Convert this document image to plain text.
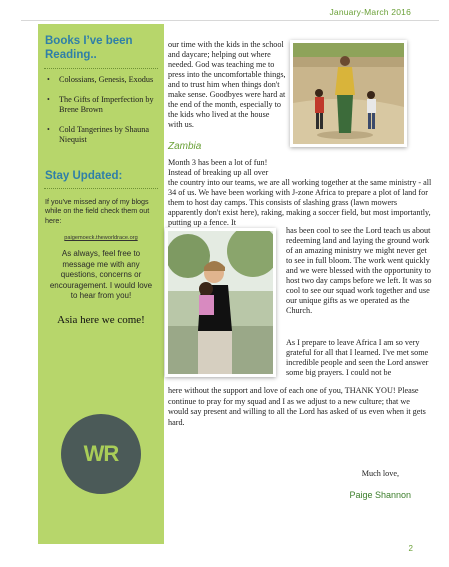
January-March 2016
Books I’ve been Reading..
• Colossians, Genesis, Exodus
• The Gifts of Imperfection by Brene Brown
• Cold Tangerines by Shauna Niequist
Stay Updated:
If you've missed any of my blogs while on the field check them out here:
paigemoeck.theworldrace.org
As always, feel free to message me with any questions, concerns or encouragement. I would love to hear from you!
Asia here we come!
WR
our time with the kids in the school and daycare; helping out where needed. God was teaching me to press into the uncomfortable things, and to trust him when things don't make sense. Goodbyes were hard at the end of the month, especially to the kids who lived at the house with us.
Zambia
Month 3 has been a lot of fun! Instead of breaking up all over
the country into our teams, we are all working together at the same ministry - all 34 of us. We have been working with J-zone Africa to prepare a plot of land for them to host day camps. This consists of slashing grass (lawn mowers apparently don't exist here), raking, making a soccer field, but most importantly, putting up a fence. It
has been cool to see the Lord teach us about redeeming land and laying the ground work of an amazing ministry we might never get to see in full bloom. The work went quickly and we were blessed with the opportunity to host two day camps before we left. It was so cool to see our squad work together and use our unique gifts as we operated as the Church.
As I prepare to leave Africa I am so very grateful for all that I learned. I've met some incredible people and seen the Lord answer some big prayers. I could not be
here without the support and love of each one of you, THANK YOU! Please continue to pray for my squad and I as we adjust to a new culture; that we would say present and willing to all the Lord has asked of us even when it gets hard.
Much love,
Paige Shannon
2
